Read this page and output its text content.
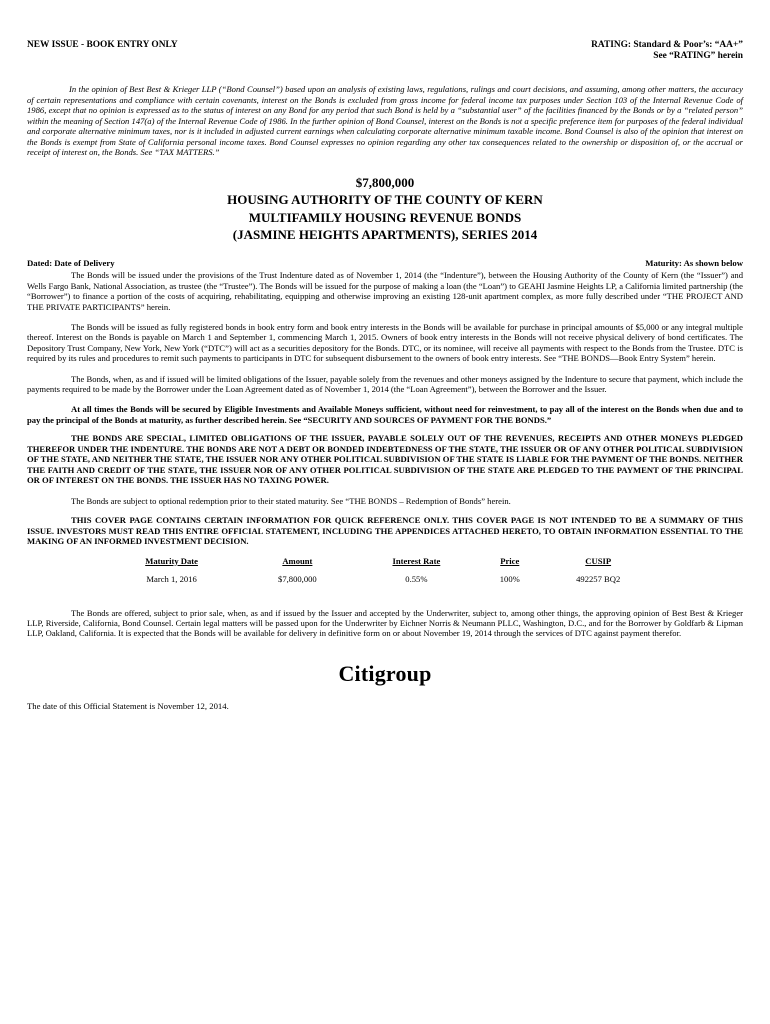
NEW ISSUE - BOOK ENTRY ONLY	RATING: Standard & Poor’s: “AA+”
See “RATING” herein

In the opinion of Best Best & Krieger LLP (“Bond Counsel”) based upon an analysis of existing laws, regulations, rulings and court decisions, and assuming, among other matters, the accuracy of certain representations and compliance with certain covenants, interest on the Bonds is excluded from gross income for federal income tax purposes under Section 103 of the Internal Revenue Code of 1986, except that no opinion is expressed as to the status of interest on any Bond for any period that such Bond is held by a “substantial user” of the facilities financed by the Bonds or by a “related person” within the meaning of Section 147(a) of the Internal Revenue Code of 1986. In the further opinion of Bond Counsel, interest on the Bonds is not a specific preference item for purposes of the federal individual and corporate alternative minimum taxes, nor is it included in adjusted current earnings when calculating corporate alternative minimum taxable income. Bond Counsel is also of the opinion that interest on the Bonds is exempt from State of California personal income taxes. Bond Counsel expresses no opinion regarding any other tax consequences related to the ownership or disposition of, or the accrual or receipt of interest on, the Bonds. See “TAX MATTERS.”

$7,800,000
HOUSING AUTHORITY OF THE COUNTY OF KERN
MULTIFAMILY HOUSING REVENUE BONDS
(JASMINE HEIGHTS APARTMENTS), SERIES 2014
Dated: Date of Delivery	Maturity: As shown below

The Bonds will be issued under the provisions of the Trust Indenture dated as of November 1, 2014 (the “Indenture”), between the Housing Authority of the County of Kern (the “Issuer”) and Wells Fargo Bank, National Association, as trustee (the “Trustee”). The Bonds will be issued for the purpose of making a loan (the “Loan”) to GEAHI Jasmine Heights LP, a California limited partnership (the “Borrower”) to finance a portion of the costs of acquiring, rehabilitating, equipping and otherwise improving an existing 128-unit apartment complex, as more fully described under “THE PROJECT AND THE PRIVATE PARTICIPANTS” herein.

The Bonds will be issued as fully registered bonds in book entry form and book entry interests in the Bonds will be available for purchase in principal amounts of $5,000 or any integral multiple thereof. Interest on the Bonds is payable on March 1 and September 1, commencing March 1, 2015. Owners of book entry interests in the Bonds will not receive physical delivery of bond certificates. The Depository Trust Company, New York, New York (“DTC”) will act as a securities depository for the Bonds. DTC, or its nominee, will receive all payments with respect to the Bonds from the Trustee. DTC is required by its rules and procedures to remit such payments to participants in DTC for subsequent disbursement to the owners of book entry interests. See “THE BONDS—Book Entry System” herein.

The Bonds, when, as and if issued will be limited obligations of the Issuer, payable solely from the revenues and other moneys assigned by the Indenture to secure that payment, which include the payments required to be made by the Borrower under the Loan Agreement dated as of November 1, 2014 (the “Loan Agreement”), between the Borrower and the Issuer.

At all times the Bonds will be secured by Eligible Investments and Available Moneys sufficient, without need for reinvestment, to pay all of the interest on the Bonds when due and to pay the principal of the Bonds at maturity, as further described herein. See “SECURITY AND SOURCES OF PAYMENT FOR THE BONDS.”

THE BONDS ARE SPECIAL, LIMITED OBLIGATIONS OF THE ISSUER, PAYABLE SOLELY OUT OF THE REVENUES, RECEIPTS AND OTHER MONEYS PLEDGED THEREFOR UNDER THE INDENTURE. THE BONDS ARE NOT A DEBT OR BONDED INDEBTEDNESS OF THE STATE, THE ISSUER OR OF ANY OTHER POLITICAL SUBDIVISION OF THE STATE, AND NEITHER THE STATE, THE ISSUER NOR ANY OTHER POLITICAL SUBDIVISION OF THE STATE IS LIABLE FOR THE PAYMENT OF THE BONDS. NEITHER THE FAITH AND CREDIT OF THE STATE, THE ISSUER NOR OF ANY OTHER POLITICAL SUBDIVISION OF THE STATE ARE PLEDGED TO THE PAYMENT OF THE PRINCIPAL OR OF INTEREST ON THE BONDS. THE ISSUER HAS NO TAXING POWER.

The Bonds are subject to optional redemption prior to their stated maturity. See “THE BONDS – Redemption of Bonds” herein.

THIS COVER PAGE CONTAINS CERTAIN INFORMATION FOR QUICK REFERENCE ONLY. THIS COVER PAGE IS NOT INTENDED TO BE A SUMMARY OF THIS ISSUE. INVESTORS MUST READ THIS ENTIRE OFFICIAL STATEMENT, INCLUDING THE APPENDICES ATTACHED HERETO, TO OBTAIN INFORMATION ESSENTIAL TO THE MAKING OF AN INFORMED INVESTMENT DECISION.

Maturity Date	Amount	Interest Rate	Price	CUSIP
March 1, 2016	$7,800,000	0.55%	100%	492257 BQ2

The Bonds are offered, subject to prior sale, when, as and if issued by the Issuer and accepted by the Underwriter, subject to, among other things, the approving opinion of Best Best & Krieger LLP, Riverside, California, Bond Counsel. Certain legal matters will be passed upon for the Underwriter by Eichner Norris & Neumann PLLC, Washington, D.C., and for the Borrower by Goldfarb & Lipman LLP, Oakland, California. It is expected that the Bonds will be available for delivery in definitive form on or about November 19, 2014 through the services of DTC against payment therefor.

Citigroup
The date of this Official Statement is November 12, 2014.
